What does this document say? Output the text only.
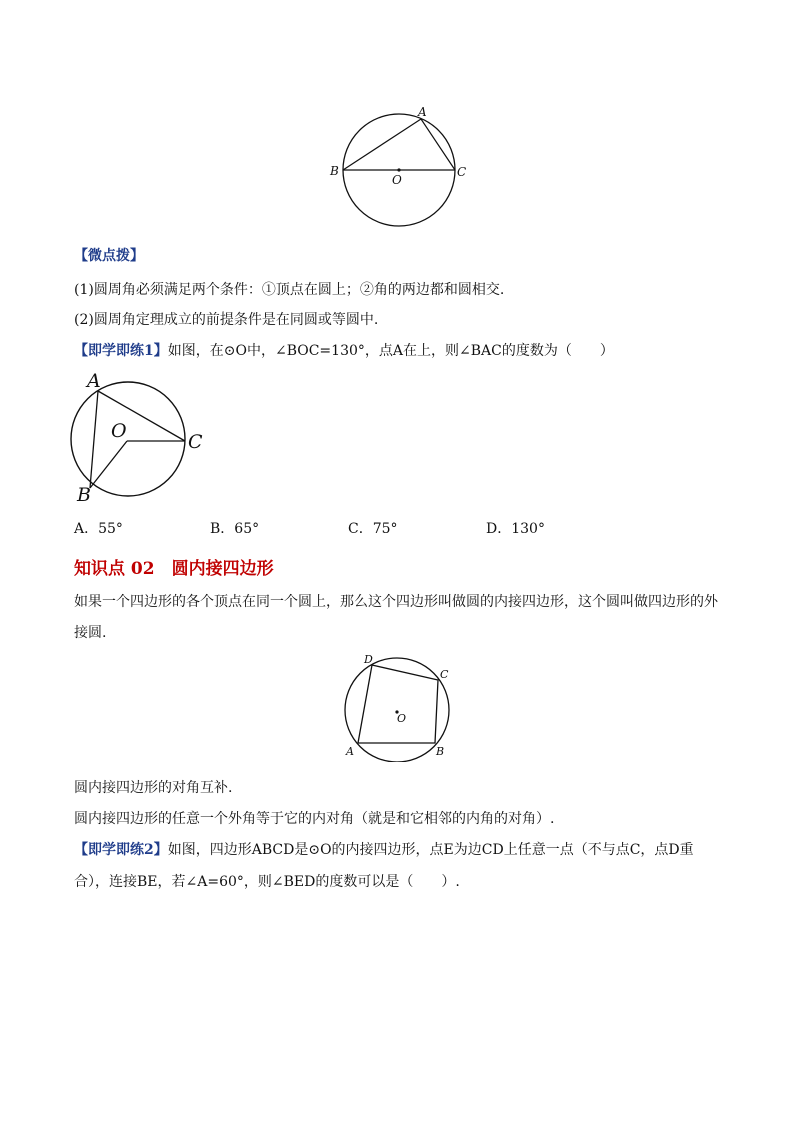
A
B	C
O
【微点拨】
(1)圆周角必须满足两个条件：①顶点在圆上；②角的两边都和圆相交.
(2)圆周角定理成立的前提条件是在同圆或等圆中.
【即学即练1】如图，在⊙O中，∠BOC=130°，点A在上，则∠BAC的度数为（　　）
A
B
C
O
A．55°	B．65°	C．75°	D．130°
知识点 02　圆内接四边形
如果一个四边形的各个顶点在同一个圆上，那么这个四边形叫做圆的内接四边形，这个圆叫做四边形的外
接圆.
D
C
A	B
O
圆内接四边形的对角互补.
圆内接四边形的任意一个外角等于它的内对角（就是和它相邻的内角的对角）.
【即学即练2】如图，四边形ABCD是⊙O的内接四边形，点E为边CD上任意一点（不与点C，点D重
合），连接BE，若∠A=60°，则∠BED的度数可以是（　　）.
